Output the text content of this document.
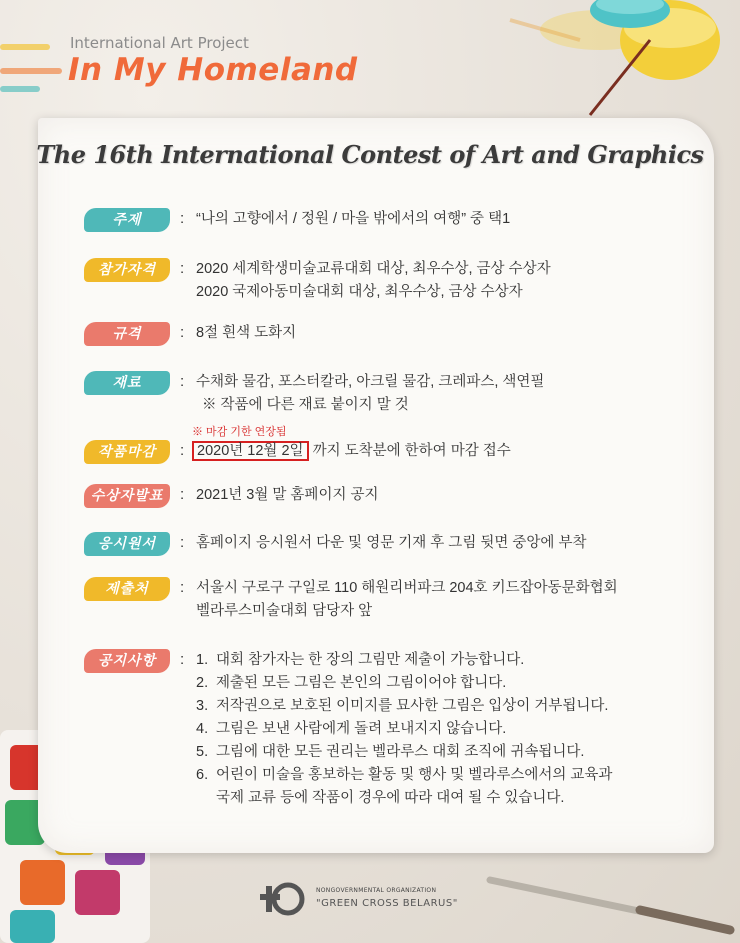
International Art Project
In My Homeland
The 16th International Contest of Art and Graphics
주제	: “나의 고향에서 / 정원 / 마을 밖에서의 여행” 중 택1
참가자격	: 2020 세계학생미술교류대회 대상, 최우수상, 금상 수상자
2020 국제아동미술대회 대상, 최우수상, 금상 수상자
규격	: 8절 흰색 도화지
재료	: 수채화 물감, 포스터칼라, 아크릴 물감, 크레파스, 색연필
※ 작품에 다른 재료 붙이지 말 것
※ 마감 기한 연장됨
작품마감	: 2020년 12월 2일 까지 도착분에 한하여 마감 접수
수상자발표	: 2021년 3월 말 홈페이지 공지
응시원서	: 홈페이지 응시원서 다운 및 영문 기재 후 그림 뒷면 중앙에 부착
제출처	: 서울시 구로구 구일로 110 해원리버파크 204호 키드잡아동문화협회
벨라루스미술대회 담당자 앞
공지사항	: 1. 대회 참가자는 한 장의 그림만 제출이 가능합니다.
2. 제출된 모든 그림은 본인의 그림이어야 합니다.
3. 저작권으로 보호된 이미지를 묘사한 그림은 입상이 거부됩니다.
4. 그림은 보낸 사람에게 돌려 보내지지 않습니다.
5. 그림에 대한 모든 권리는 벨라루스 대회 조직에 귀속됩니다.
6. 어린이 미술을 홍보하는 활동 및 행사 및 벨라루스에서의 교육과
국제 교류 등에 작품이 경우에 따라 대여 될 수 있습니다.
NONGOVERNMENTAL ORGANIZATION
"GREEN CROSS BELARUS"
